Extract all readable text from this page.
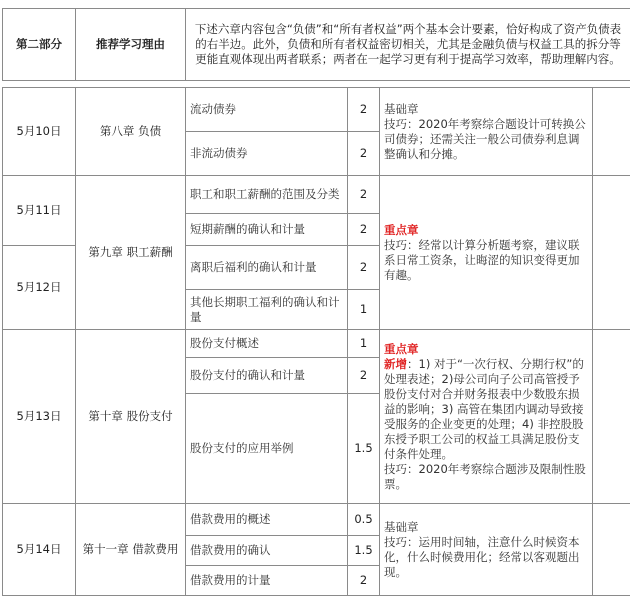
第二部分	推荐学习理由	下述六章内容包含“负债”和“所有者权益”两个基本会计要素，恰好构成了资产负债表的右半边。此外，负债和所有者权益密切相关，尤其是金融负债与权益工具的拆分等更能直观体现出两者联系；两者在一起学习更有利于提高学习效率，帮助理解内容。			

5月10日	第八章 负债	流动债券	2	基础章
技巧：2020年考察综合题设计可转换公司债券；还需关注一般公司债券利息调整确认和分摊。	

		非流动债券	2		
5月11日	第九章 职工薪酬	职工和职工薪酬的范围及分类	2	重点章
技巧：经常以计算分析题考察，建议联系日常工资条，让晦涩的知识变得更加有趣。	

		短期薪酬的确认和计量	2		
5月12日		离职后福利的确认和计量	2		
		其他长期职工福利的确认和计量	1		
5月13日	第十章 股份支付	股份支付概述	1	重点章
新增：1) 对于“一次行权、分期行权”的处理表述；2)母公司向子公司高管授予股份支付对合并财务报表中少数股东损益的影响；3) 高管在集团内调动导致接受服务的企业变更的处理；4) 非控股股东授予职工公司的权益工具满足股份支付条件处理。
技巧：2020年考察综合题涉及限制性股票。	

		股份支付的确认和计量	2		
		股份支付的应用举例	1.5		
5月14日	第十一章 借款费用	借款费用的概述	0.5	基础章
技巧：运用时间轴，注意什么时候资本化，什么时候费用化；经常以客观题出现。	

		借款费用的确认	1.5		
		借款费用的计量	2		
